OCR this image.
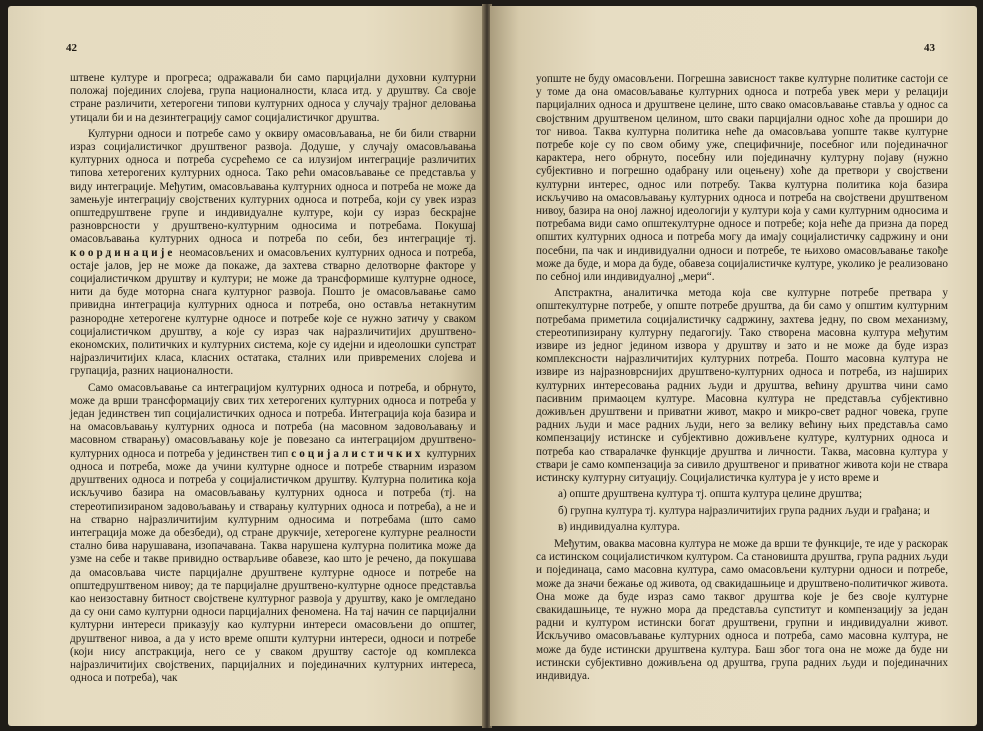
42

штвене културе и прогреса; одражавали би само парцијални духовни културни положај појединих слојева, група националности, класа итд. у друштву. Са своје стране различити, хетерогени типови културних односа у случају трајног деловања утицали би и на дезинтеграцију самог социјалистичког друштва.

Културни односи и потребе само у оквиру омасовљавања, не би били стварни израз социјалистичког друштвеног развоја. Додуше, у случају омасовљавања културних односа и потреба сусрећемо се са илузијом интеграције различитих типова хетерогених културних односа. Тако рећи омасовљавање се представља у виду интеграције. Међутим, омасовљавања културних односа и потреба не може да замењује интеграцију својствених културних односа и потреба, који су увек израз општедруштвене групе и индивидуалне културе, који су израз бескрајне разноврсности у друштвено-културним односима и потребама. Покушај омасовљавања културних односа и потреба по себи, без интеграције тј. координације неомасовљених и омасовљених културних односа и потреба, остаје јалов, јер не може да покаже, да захтева стварно делотворне факторе у социјалистичком друштву и култури; не може да трансформише културне односе, нити да буде моторна снага културног развоја. Пошто је омасовљавање само привидна интеграција културних односа и потреба, оно оставља нетакнутим разнородне хетерогене културне односе и потребе које се нужно затичу у сваком социјалистичком друштву, а које су израз чак најразличитијих друштвено-економских, политичких и културних система, које су идејни и идеолошки супстрат најразличитијих класа, класних остатака, сталних или привремених слојева и групација, разних националности.

Само омасовљавање са интеграцијом културних односа и потреба, и обрнуто, може да врши трансформацију свих тих хетерогених културних односа и потреба у један јединствен тип социјалистичких односа и потреба. Интеграција која базира и на омасовљавању културних односа и потреба (на масовном задовољавању и масовном стварању) омасовљавању које је повезано са интеграцијом друштвено-културних односа и потреба у јединствен тип социјалистичких културних односа и потреба, може да учини културне односе и потребе стварним изразом друштвених односа и потреба у социјалистичком друштву. Културна политика која искључиво базира на омасовљавању културних односа и потреба (тј. на стереотипизираном задовољавању и стварању културних односа и потреба), а не и на стварно најразличитијим културним односима и потребама (што само интеграција може да обезбеди), од стране друкчије, хетерогене културне реалности стално бива нарушавана, изопачавана. Таква нарушена културна политика може да узме на себе и такве привидно остварљиве обавезе, као што је речено, да покушава да омасовљава чисте парцијалне друштвене културне односе и потребе на општедруштвеном нивоу; да те парцијалне друштвено-културне односе представља као неизоставну битност својствене културног развоја у друштву, како је омгледано да су они само културни односи парцијалних феномена. На тај начин се парцијални културни интереси приказују као културни интереси омасовљени до општег, друштвеног нивоа, а да у исто време општи културни интереси, односи и потребе (који нису апстракција, него се у сваком друштву састоје од комплекса најразличитијих својствених, парцијалних и појединачних културних интереса, односа и потреба), чак

43

уопште не буду омасовљени. Погрешна зависност такве културне политике састоји се у томе да она омасовљавање културних односа и потреба увек мери у релацији парцијалних односа и друштвене целине, што свако омасовљавање ставља у однос са својствним друштвеном целином, што сваки парцијални однос хоће да прошири до тог нивоа. Таква културна политика неће да омасовљава уопште такве културне потребе које су по свом обиму уже, специфичније, посебног или појединачног карактера, него обрнуто, посебну или појединачну културну појаву (нужно субјективно и погрешно одабрану или оцењену) хоће да претвори у својствени културни интерес, однос или потребу. Таква културна политика која базира искључиво на омасовљавању културних односа и потреба на својствени друштвеном нивоу, базира на оној лажној идеологији у култури која у сами културним односима и потребама види само општекултурне односе и потребе; која неће да призна да поред општих културних односа и потреба могу да имају социјалистичку садржину и они посебни, па чак и индивидуални односи и потребе, те њихово омасовљавање такође може да буде, и мора да буде, обавеза социјалистичке културе, уколико је реализовано по себној или индивидуалној „мери“.

Апстрактна, аналитичка метода која све културне потребе претвара у општекултурне потребе, у опште потребе друштва, да би само у општим културним потребама приметила социјалистичку садржину, захтева једну, по свом механизму, стереотипизирану културну педагогију. Тако створена масовна култура међутим извире из једног једином извора у друштву и зато и не може да буде израз комплексности најразличитијих културних потреба. Пошто масовна култура не извире из најразноврснијих друштвено-културних односа и потреба, из најширих културних интересовања радних људи и друштва, већину друштва чини само пасивним примаоцем културе. Масовна култура не представља субјективно доживљен друштвени и приватни живот, макро и микро-свет радног човека, групе радних људи и масе радних људи, него за велику већину њих представља само компензацију истинске и субјективно доживљене културе, културних односа и потреба као стваралачке функције друштва и личности. Таква, масовна култура у ствари је само компензација за сивило друштвеног и приватног живота који не ствара истинску културну ситуацију. Социјалистичка култура је у исто време и

а) опште друштвена култура тј. општа култура целине друштва;
б) групна култура тј. култура најразличитијих група радних људи и грађана; и
в) индивидуална култура.

Међутим, оваква масовна култура не може да врши те функције, те иде у раскорак са истинском социјалистичком културом. Са становишта друштва, група радних људи и појединаца, само масовна култура, само омасовљени културни односи и потребе, може да значи бежање од живота, од свакидашњице и друштвено-политичког живота. Она може да буде израз само таквог друштва које је без своје културне свакидашњице, те нужно мора да представља супститут и компензацију за један радни и културом истински богат друштвени, групни и индивидуални живот. Искључиво омасовљавање културних односа и потреба, само масовна култура, не може да буде истински друштвена култура. Баш због тога она не може да буде ни истински субјективно доживљена од друштва, група радних људи и појединачних индивидуа.
